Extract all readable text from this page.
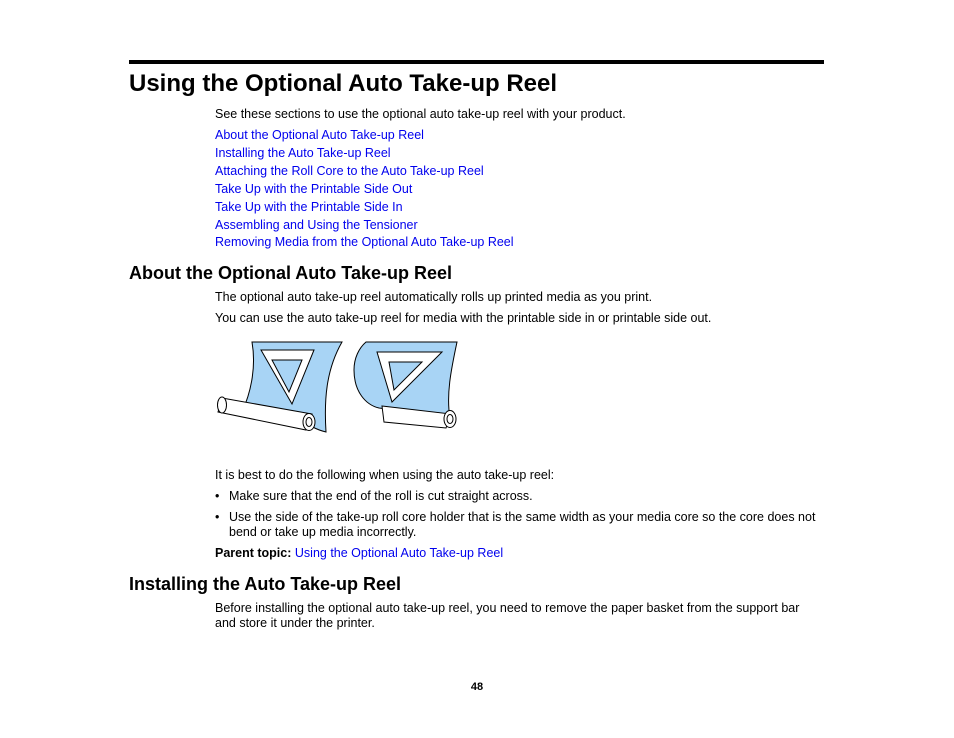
Using the Optional Auto Take-up Reel

See these sections to use the optional auto take-up reel with your product.

About the Optional Auto Take-up Reel
Installing the Auto Take-up Reel
Attaching the Roll Core to the Auto Take-up Reel
Take Up with the Printable Side Out
Take Up with the Printable Side In
Assembling and Using the Tensioner
Removing Media from the Optional Auto Take-up Reel
About the Optional Auto Take-up Reel

The optional auto take-up reel automatically rolls up printed media as you print.

You can use the auto take-up reel for media with the printable side in or printable side out.

It is best to do the following when using the auto take-up reel:

• Make sure that the end of the roll is cut straight across.
• Use the side of the take-up roll core holder that is the same width as your media core so the core does not bend or take up media incorrectly.

Parent topic: Using the Optional Auto Take-up Reel

Installing the Auto Take-up Reel

Before installing the optional auto take-up reel, you need to remove the paper basket from the support bar and store it under the printer.

48
